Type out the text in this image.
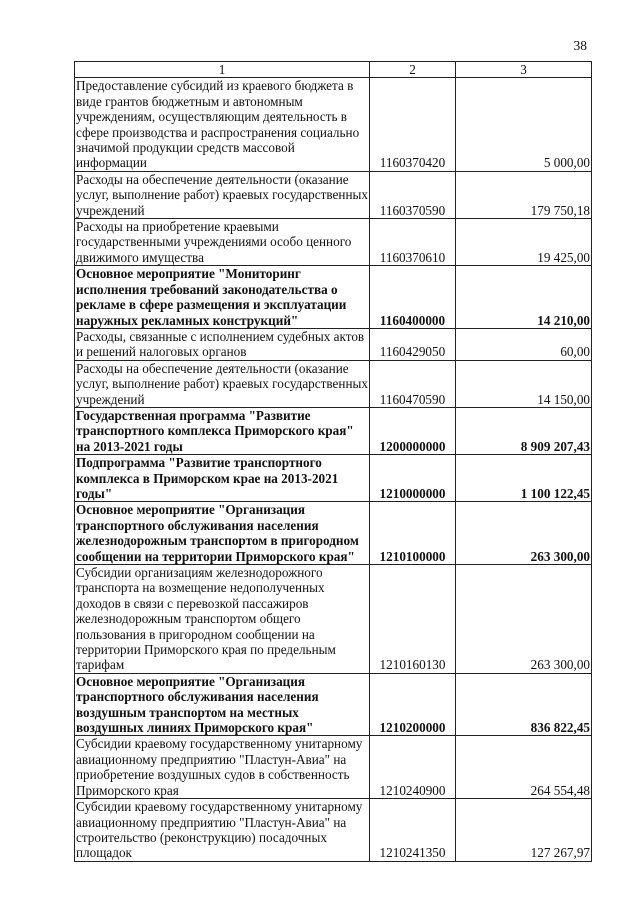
38
1	2	3
Предоставление субсидий из краевого бюджета в виде грантов бюджетным и автономным учреждениям, осуществляющим деятельность в сфере производства и распространения социально значимой продукции средств массовой информации	1160370420	5 000,00
Расходы на обеспечение деятельности (оказание услуг, выполнение работ) краевых государственных учреждений	1160370590	179 750,18
Расходы на приобретение краевыми государственными учреждениями особо ценного движимого имущества	1160370610	19 425,00
Основное мероприятие "Мониторинг исполнения требований законодательства о рекламе в сфере размещения и эксплуатации наружных рекламных конструкций"	1160400000	14 210,00
Расходы, связанные с исполнением судебных актов и решений налоговых органов	1160429050	60,00
Расходы на обеспечение деятельности (оказание услуг, выполнение работ) краевых государственных учреждений	1160470590	14 150,00
Государственная программа "Развитие транспортного комплекса Приморского края" на 2013-2021 годы	1200000000	8 909 207,43
Подпрограмма "Развитие транспортного комплекса в Приморском крае на 2013-2021 годы"	1210000000	1 100 122,45
Основное мероприятие "Организация транспортного обслуживания населения железнодорожным транспортом в пригородном сообщении на территории Приморского края"	1210100000	263 300,00
Субсидии организациям железнодорожного транспорта на возмещение недополученных доходов в связи с перевозкой пассажиров железнодорожным транспортом общего пользования в пригородном сообщении на территории Приморского края по предельным тарифам	1210160130	263 300,00
Основное мероприятие "Организация транспортного обслуживания населения воздушным транспортом на местных воздушных линиях Приморского края"	1210200000	836 822,45
Субсидии краевому государственному унитарному авиационному предприятию "Пластун-Авиа" на приобретение воздушных судов в собственность Приморского края	1210240900	264 554,48
Субсидии краевому государственному унитарному авиационному предприятию "Пластун-Авиа" на строительство (реконструкцию) посадочных площадок	1210241350	127 267,97
